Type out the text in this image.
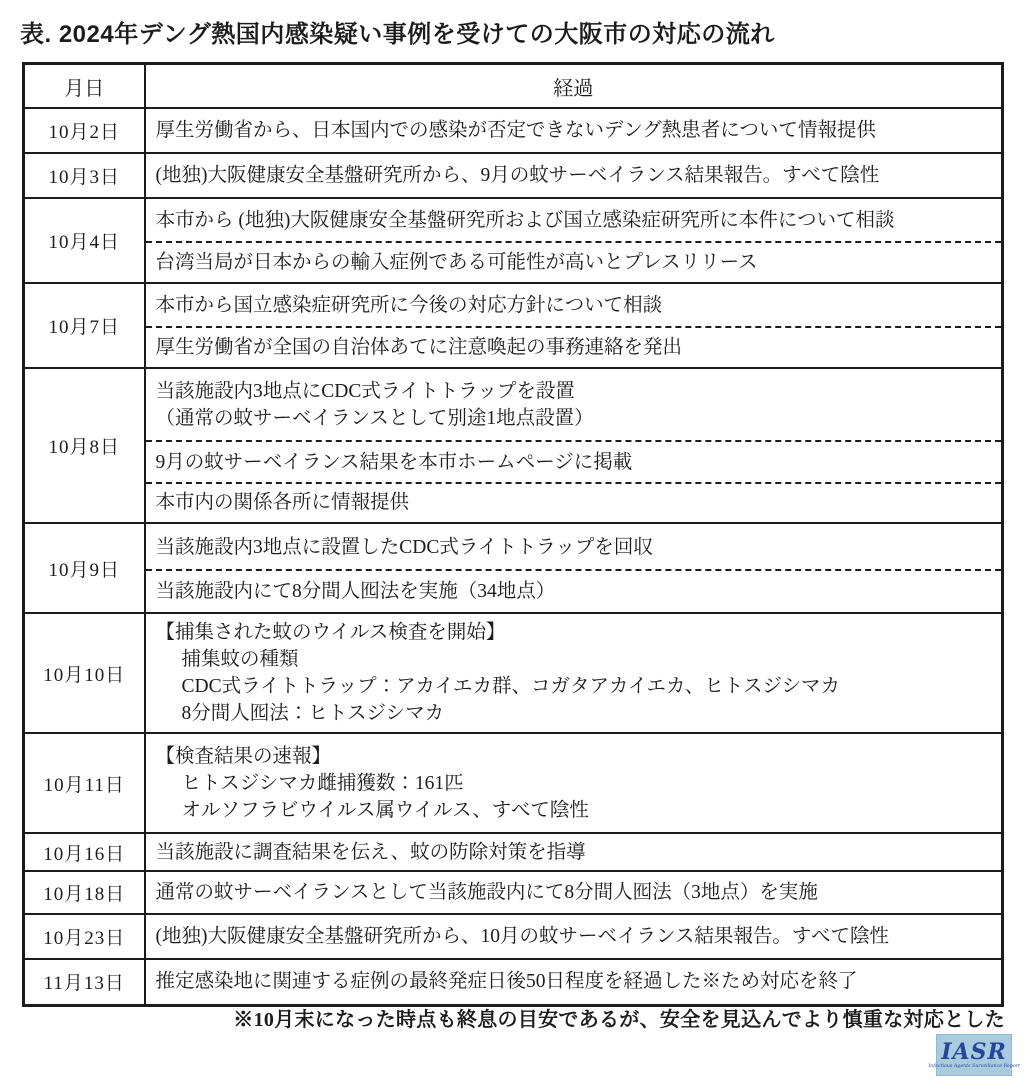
表. 2024年デング熱国内感染疑い事例を受けての大阪市の対応の流れ
月日	経過
10月2日	厚生労働省から、日本国内での感染が否定できないデング熱患者について情報提供

10月3日	(地独)大阪健康安全基盤研究所から、9月の蚊サーベイランス結果報告。すべて陰性

10月4日	本市から (地独)大阪健康安全基盤研究所および国立感染症研究所に本件について相談
台湾当局が日本からの輸入症例である可能性が高いとプレスリリース

10月7日	本市から国立感染症研究所に今後の対応方針について相談
厚生労働省が全国の自治体あてに注意喚起の事務連絡を発出

10月8日	当該施設内3地点にCDC式ライトトラップを設置
（通常の蚊サーベイランスとして別途1地点設置）
9月の蚊サーベイランス結果を本市ホームページに掲載
本市内の関係各所に情報提供

10月9日	当該施設内3地点に設置したCDC式ライトトラップを回収
当該施設内にて8分間人囮法を実施（34地点）

10月10日	【捕集された蚊のウイルス検査を開始】
捕集蚊の種類
CDC式ライトトラップ：アカイエカ群、コガタアカイエカ、ヒトスジシマカ
8分間人囮法：ヒトスジシマカ

10月11日	【検査結果の速報】
ヒトスジシマカ雌捕獲数：161匹
オルソフラビウイルス属ウイルス、すべて陰性

10月16日	当該施設に調査結果を伝え、蚊の防除対策を指導

10月18日	通常の蚊サーベイランスとして当該施設内にて8分間人囮法（3地点）を実施

10月23日	(地独)大阪健康安全基盤研究所から、10月の蚊サーベイランス結果報告。すべて陰性

11月13日	推定感染地に関連する症例の最終発症日後50日程度を経過した※ため対応を終了
※10月末になった時点も終息の目安であるが、安全を見込んでより慎重な対応とした
IASR
Infectious Agents Surveillance Report
